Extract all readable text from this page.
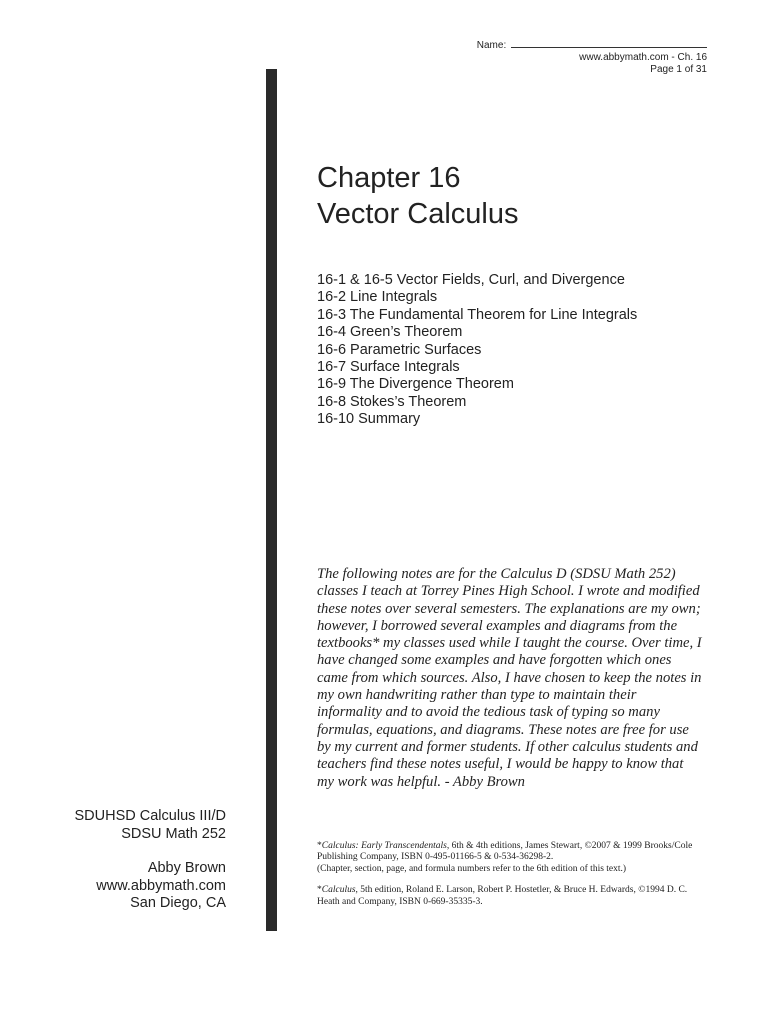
Name:
www.abbymath.com - Ch. 16
Page 1 of 31
Chapter 16
Vector Calculus
16-1 & 16-5 Vector Fields, Curl, and Divergence
16-2 Line Integrals
16-3 The Fundamental Theorem for Line Integrals
16-4 Green’s Theorem
16-6 Parametric Surfaces
16-7 Surface Integrals
16-9 The Divergence Theorem
16-8 Stokes’s Theorem
16-10 Summary

The following notes are for the Calculus D (SDSU Math 252) classes I teach at Torrey Pines High School. I wrote and modified these notes over several semesters. The explanations are my own; however, I borrowed several examples and diagrams from the textbooks* my classes used while I taught the course. Over time, I have changed some examples and have forgotten which ones came from which sources. Also, I have chosen to keep the notes in my own handwriting rather than type to maintain their informality and to avoid the tedious task of typing so many formulas, equations, and diagrams. These notes are free for use by my current and former students. If other calculus students and teachers find these notes useful, I would be happy to know that my work was helpful. - Abby Brown

*Calculus: Early Transcendentals, 6th & 4th editions, James Stewart, ©2007 & 1999 Brooks/Cole Publishing Company, ISBN 0-495-01166-5 & 0-534-36298-2.
(Chapter, section, page, and formula numbers refer to the 6th edition of this text.)

*Calculus, 5th edition, Roland E. Larson, Robert P. Hostetler, & Bruce H. Edwards, ©1994 D. C. Heath and Company, ISBN 0-669-35335-3.

SDUHSD Calculus III/D
SDSU Math 252
Abby Brown
www.abbymath.com
San Diego, CA
